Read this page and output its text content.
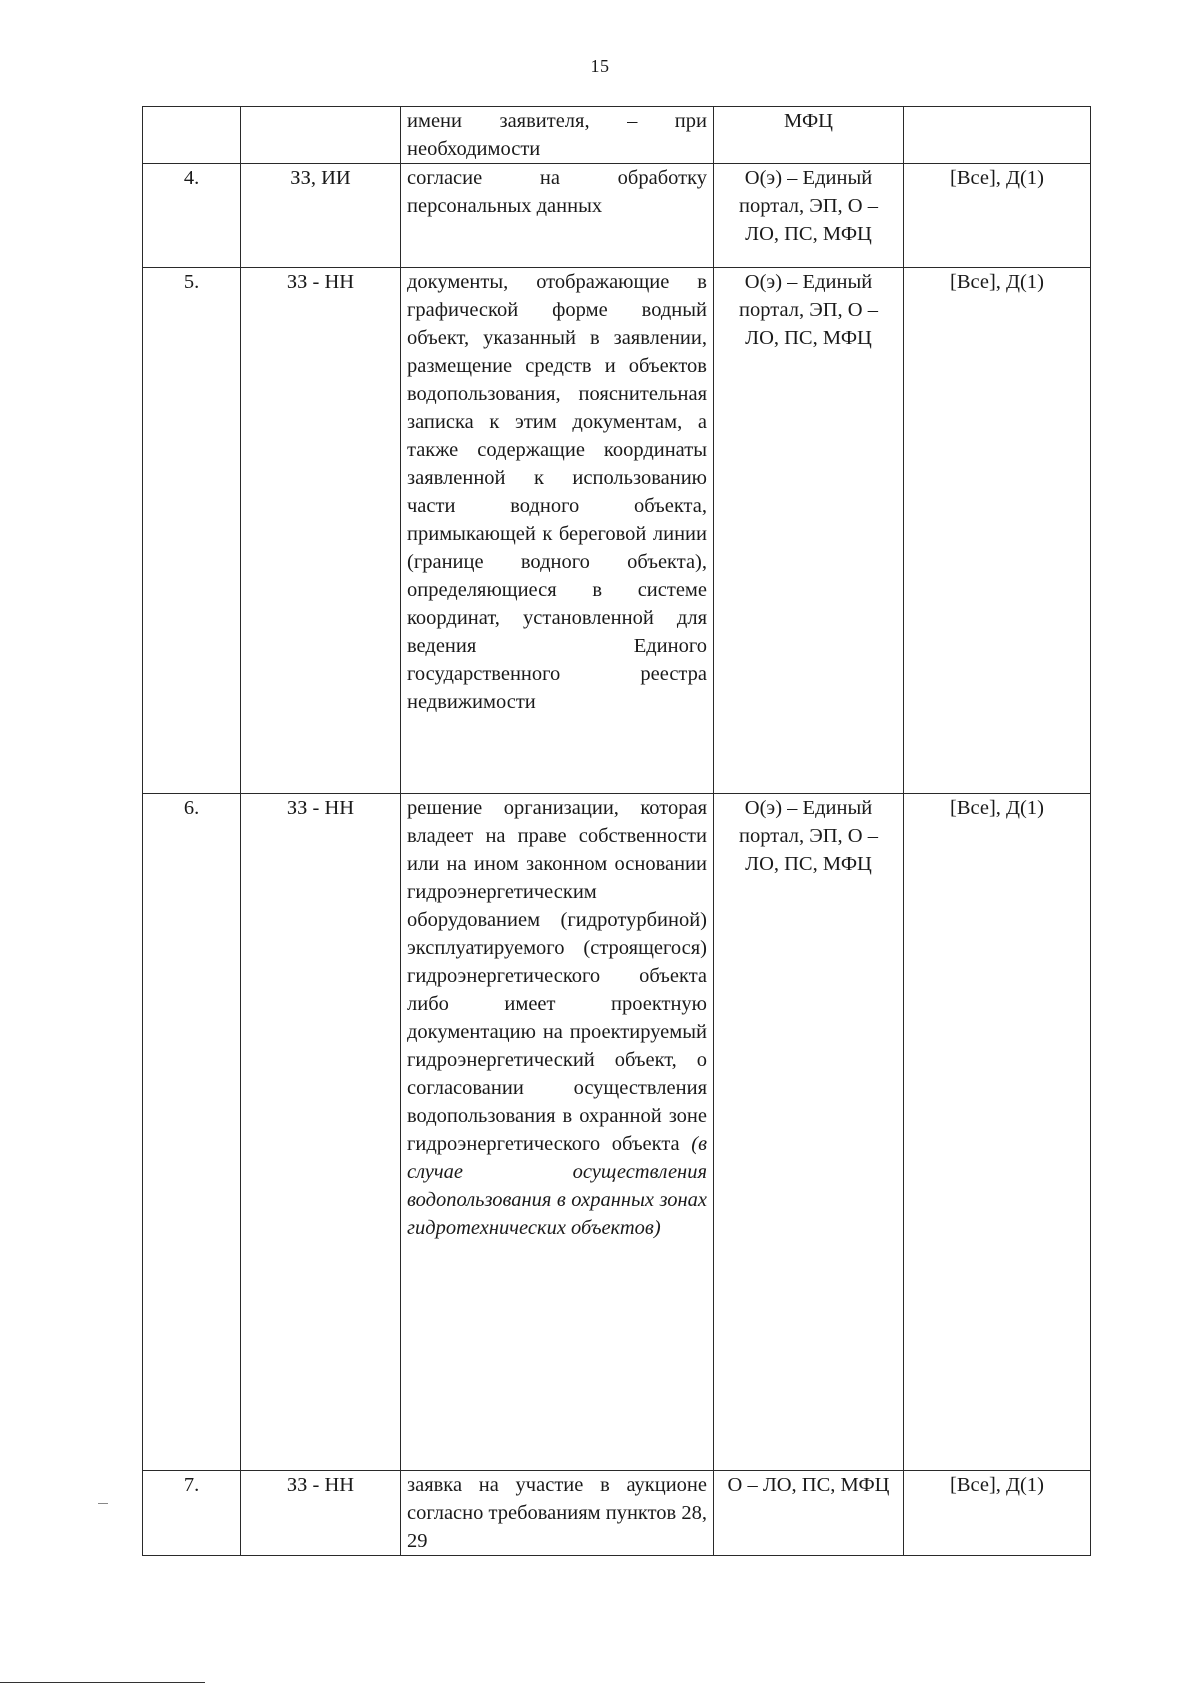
15
		имени заявителя, – при необходимости	МФЦ	
4.	ЗЗ, ИИ	согласие на обработку персональных данных	О(э) – Единый портал, ЭП, О – ЛО, ПС, МФЦ	[Все], Д(1)
5.	ЗЗ - НН	документы, отображающие в графической форме водный объект, указанный в заявлении, размещение средств и объектов водопользования, пояснительная записка к этим документам, а также содержащие координаты заявленной к использованию части водного объекта, примыкающей к береговой линии (границе водного объекта), определяющиеся в системе координат, установленной для ведения Единого государственного реестра недвижимости	О(э) – Единый портал, ЭП, О – ЛО, ПС, МФЦ	[Все], Д(1)
6.	ЗЗ - НН	решение организации, которая владеет на праве собственности или на ином законном основании гидроэнергетическим оборудованием (гидротурбиной) эксплуатируемого (строящегося) гидроэнергетического объекта либо имеет проектную документацию на проектируемый гидроэнергетический объект, о согласовании осуществления водопользования в охранной зоне гидроэнергетического объекта (в случае осуществления водопользования в охранных зонах гидротехнических объектов)	О(э) – Единый портал, ЭП, О – ЛО, ПС, МФЦ	[Все], Д(1)
7.	ЗЗ - НН	заявка на участие в аукционе согласно требованиям пунктов 28, 29	О – ЛО, ПС, МФЦ	[Все], Д(1)
